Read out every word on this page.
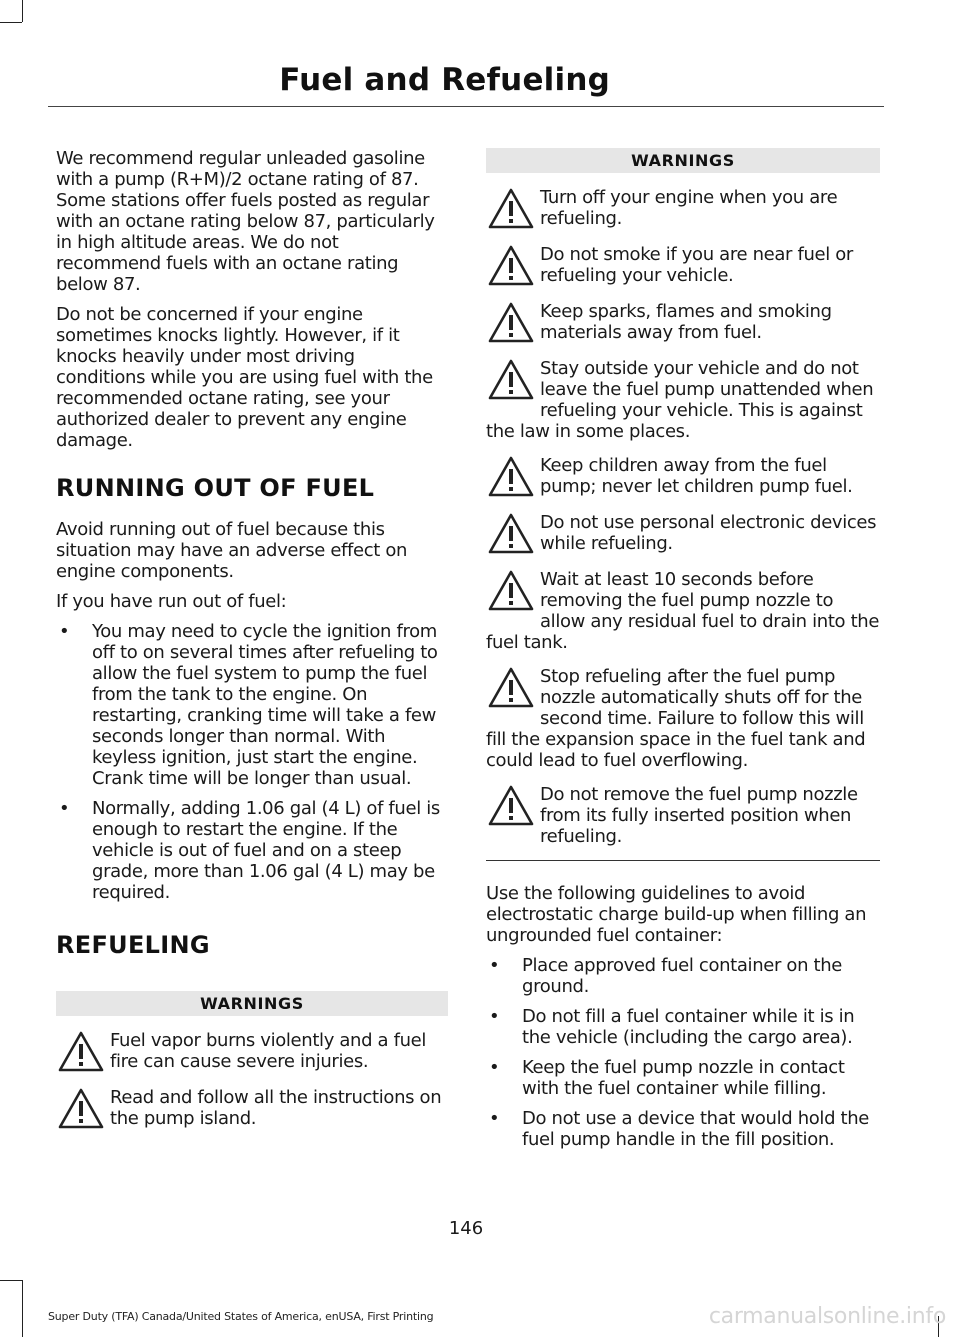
Fuel and Refueling

We recommend regular unleaded gasoline with a pump (R+M)/2 octane rating of 87. Some stations offer fuels posted as regular with an octane rating below 87, particularly in high altitude areas. We do not recommend fuels with an octane rating below 87.

Do not be concerned if your engine sometimes knocks lightly. However, if it knocks heavily under most driving conditions while you are using fuel with the recommended octane rating, see your authorized dealer to prevent any engine damage.

RUNNING OUT OF FUEL

Avoid running out of fuel because this situation may have an adverse effect on engine components.

If you have run out of fuel:

•	You may need to cycle the ignition from off to on several times after refueling to allow the fuel system to pump the fuel from the tank to the engine. On restarting, cranking time will take a few seconds longer than normal. With keyless ignition, just start the engine. Crank time will be longer than usual.
•	Normally, adding 1.06 gal (4 L) of fuel is enough to restart the engine. If the vehicle is out of fuel and on a steep grade, more than 1.06 gal (4 L) may be required.
REFUELING
WARNINGS
Fuel vapor burns violently and a fuel fire can cause severe injuries.
Read and follow all the instructions on the pump island.
WARNINGS
Turn off your engine when you are refueling.
Do not smoke if you are near fuel or refueling your vehicle.
Keep sparks, flames and smoking materials away from fuel.
Stay outside your vehicle and do not leave the fuel pump unattended when refueling your vehicle. This is against the law in some places.
Keep children away from the fuel pump; never let children pump fuel.
Do not use personal electronic devices while refueling.
Wait at least 10 seconds before removing the fuel pump nozzle to allow any residual fuel to drain into the fuel tank.
Stop refueling after the fuel pump nozzle automatically shuts off for the second time. Failure to follow this will fill the expansion space in the fuel tank and could lead to fuel overflowing.
Do not remove the fuel pump nozzle from its fully inserted position when refueling.

Use the following guidelines to avoid electrostatic charge build-up when filling an ungrounded fuel container:

•	Place approved fuel container on the ground.
•	Do not fill a fuel container while it is in the vehicle (including the cargo area).
•	Keep the fuel pump nozzle in contact with the fuel container while filling.
•	Do not use a device that would hold the fuel pump handle in the fill position.
146
Super Duty (TFA) Canada/United States of America, enUSA, First Printing	carmanualsonline.info
